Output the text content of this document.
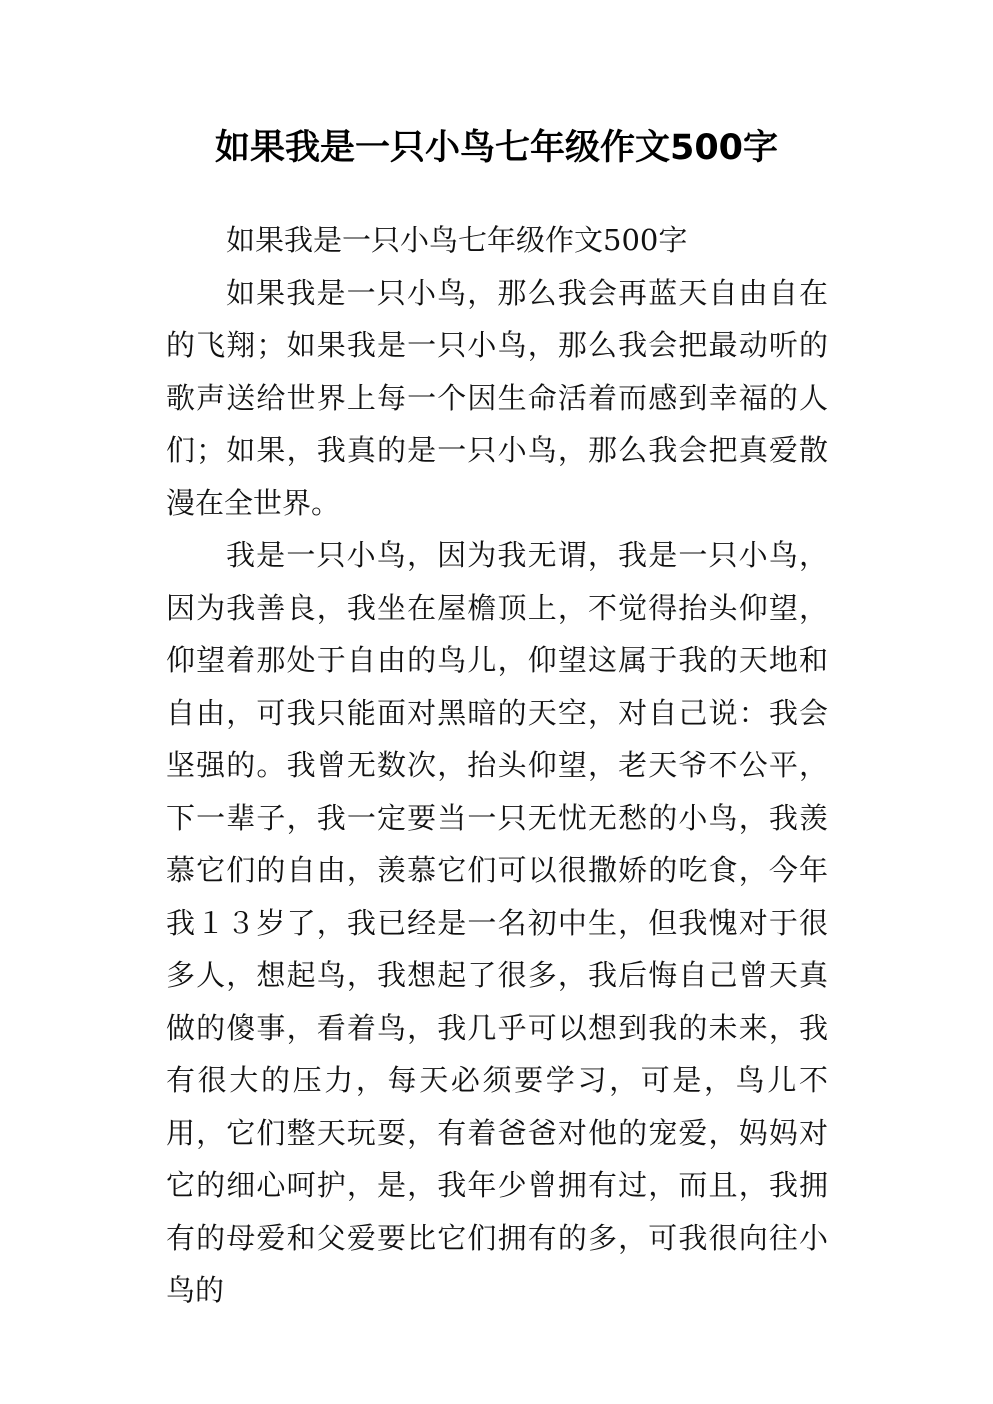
如果我是一只小鸟七年级作文500字

如果我是一只小鸟七年级作文500字

如果我是一只小鸟，那么我会再蓝天自由自在的飞翔；如果我是一只小鸟，那么我会把最动听的歌声送给世界上每一个因生命活着而感到幸福的人们；如果，我真的是一只小鸟，那么我会把真爱散漫在全世界。

我是一只小鸟，因为我无谓，我是一只小鸟，因为我善良，我坐在屋檐顶上，不觉得抬头仰望，仰望着那处于自由的鸟儿，仰望这属于我的天地和自由，可我只能面对黑暗的天空，对自己说：我会坚强的。我曾无数次，抬头仰望，老天爷不公平，下一辈子，我一定要当一只无忧无愁的小鸟，我羡慕它们的自由，羡慕它们可以很撒娇的吃食，今年我１３岁了，我已经是一名初中生，但我愧对于很多人，想起鸟，我想起了很多，我后悔自己曾天真做的傻事，看着鸟，我几乎可以想到我的未来，我有很大的压力，每天必须要学习，可是，鸟儿不用，它们整天玩耍，有着爸爸对他的宠爱，妈妈对它的细心呵护，是，我年少曾拥有过，而且，我拥有的母爱和父爱要比它们拥有的多，可我很向往小鸟的
